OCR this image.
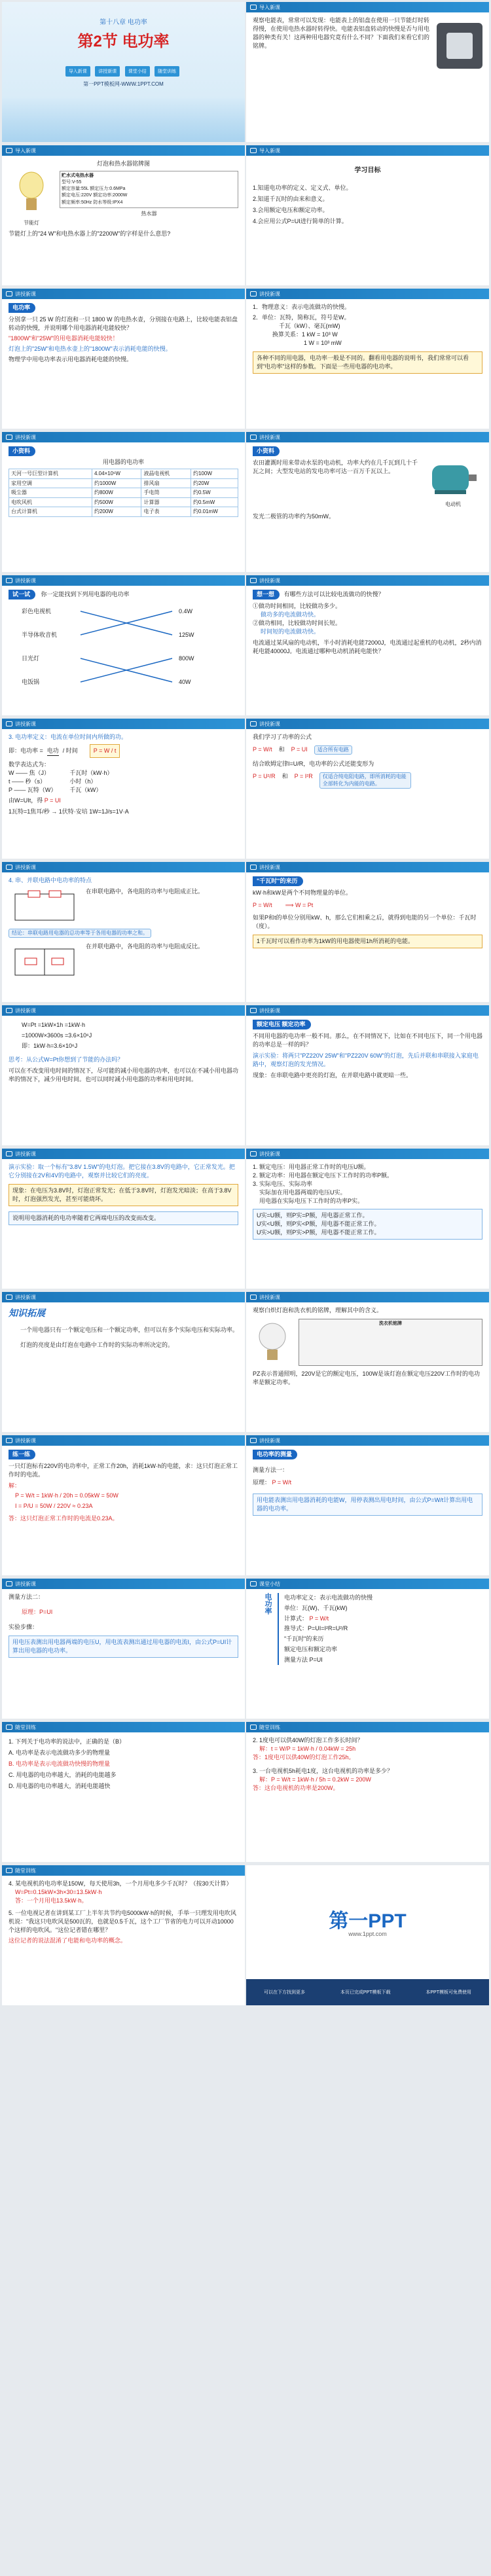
第十八章 电功率
第2节 电功率
导入新课 讲授新课 课堂小结 随堂训练
第一PPT模板网-WWW.1PPT.COM
导入新课
观察电能表，常常可以发现：电能表上的铝盘在使用一只节能灯时转得慢，在使用电热水器时转得快。电能表铝盘转动的快慢是否与用电器的种类有关！这两种用电器究竟有什么不同？下面我们来看它们的铭牌。
导入新课
灯泡和热水器铭牌图
节能灯
贮水式电热水器
型号:V-55
额定容量:55L 额定压力:0.6MPa
额定电压:220V 额定功率:2000W
额定频率:50Hz 防水等级:IPX4
热水器
节能灯上的"24 W"和电热水器上的"2200W"的字样是什么意思?
导入新课
学习目标
1.知道电功率的定义、定义式、单位。
2.知道千瓦时的由来和意义。
3.会用额定电压和额定功率。
4.会应用公式P=UI进行简单的计算。
讲授新课
电功率
分别拿一只 25 W 的灯泡和一只 1800 W 的电热水壶，分别接在电路上，比较电能表铝盘转动的快慢，并说明哪个用电器消耗电能较快？
"1800W"和"25W"的用电器消耗电能较快！
灯泡上的"25W"和电热水壶上的"1800W"表示消耗电能的快慢。
物理学中用电功率表示用电器消耗电能的快慢。
讲授新课
1．物理意义：表示电流做功的快慢。
2．单位：瓦特，简称瓦，符号是W。
千瓦（kW）、毫瓦(mW)
换算关系：1 kW = 10³ W
1 W = 10³ mW
各种不同的用电器，电功率一般是不同的。翻看用电器的说明书，我们常常可以看到"电功率"这样的参数。下面是一些用电器的电功率。
讲授新课
小资料
用电器的电功率
天河一号巨型计算机	4.04×10⁶W	液晶电视机	约100W
家用空调	约1000W	排风扇	约20W
吸尘器	约800W	手电筒	约0.5W
电吹风机	约500W	计算器	约0.5mW
台式计算机	约200W	电子表	约0.01mW
讲授新课
小资料
农田灌溉时用来带动水泵的电动机，功率大约在几千瓦到几十千瓦之间；大型发电站的发电功率可达一百万千瓦以上。
电动机
发光二极管的功率约为50mW。
讲授新课
试一试 你一定能找到下列用电器的电功率
彩色电视机
半导体收音机
日光灯
电饭锅
0.4W
125W
800W
40W
讲授新课
想一想 有哪些方法可以比较电流做功的快慢？
①做功时间相同，比较做功多少。
做功多的电流做功快。
②做功相同，比较做功时间长短。
时间短的电流做功快。
电流通过某风扇的电动机，半小时消耗电能72000J，电流通过起重机的电动机，2秒内消耗电能40000J。电流通过哪种电动机消耗电能快？
讲授新课
3. 电功率定义：电流在单位时间内所做的功。
即：电功率 = 电功 / 时间	P = W / t
数学表达式为：
W —— 焦（J）
t —— 秒（s）
P —— 瓦特（W）
千瓦时（kW·h）
小时（h）
千瓦（kW）
由W=UIt，得 P = UI
1瓦特=1焦耳/秒 → 1伏特·安培 1W=1J/s=1V·A
讲授新课
我们学习了功率的公式
P = W/t 和 P = UI	适合所有电路
结合欧姆定律I=U/R，电功率的公式还能变形为
P = U²/R 和 P = I²R	仅适合纯电阻电路，即所消耗的电能全部转化为内能的电路。
讲授新课
4. 串、并联电路中电功率的特点
在串联电路中，各电阻的功率与电阻成正比。
结论：串联电路用电器的总功率等于各用电器的功率之和。
在并联电路中，各电阻的功率与电阻成反比。
讲授新课
"千瓦时"的来历
kW·h和kW是两个不同物理量的单位。
P = W/t ⟹ W = Pt
如果P和t的单位分别用kW、h，那么它们相乘之后，就得到电能的另一个单位：千瓦时（度）。
1千瓦时可以看作功率为1kW的用电器使用1h所消耗的电能。
讲授新课
W=Pt =1kW×1h =1kW·h
=1000W×3600s =3.6×10⁶J
即：1kW·h=3.6×10⁶J
思考：从公式W=Pt你想到了节能的办法吗？
可以在不改变用电时间的情况下，尽可能的减小用电器的功率，也可以在不减小用电器功率的情况下，减少用电时间。也可以同时减小用电器的功率和用电时间。
讲授新课
额定电压 额定功率
不同用电器的电功率一般不同。那么，在不同情况下，比如在不同电压下，同一个用电器的功率总是一样的吗？
演示实验：将两只"PZ220V 25W"和"PZ220V 60W"的灯泡，先后并联和串联接入家庭电路中，观察灯泡的发光情况。
现象：在串联电路中更亮的灯泡，在并联电路中就更暗一些。
讲授新课
演示实验：取一个标有"3.8V 1.5W"的电灯泡。把它接在3.8V的电路中，它正常发光。把它分别接在2V和4V的电路中，观察并比较它们的亮度。
现象：在电压为3.8V时，灯泡正常发光；在低于3.8V时，灯泡发光暗淡；在高于3.8V时，灯泡强烈发光，甚至可能烧坏。
说明用电器消耗的电功率随着它两端电压的改变而改变。
讲授新课
1. 额定电压：用电器正常工作时的电压U额。
2. 额定功率：用电器在额定电压下工作时的功率P额。
3. 实际电压、实际功率
实际加在用电器两端的电压U实。
用电器在实际电压下工作时的功率P实。
U实=U额，则P实=P额，用电器正常工作。
U实<U额，则P实<P额，用电器不能正常工作。
U实>U额，则P实>P额，用电器不能正常工作。
讲授新课
知识拓展
一个用电器只有一个额定电压和一个额定功率，但可以有多个实际电压和实际功率。
灯泡的亮度是由灯泡在电路中工作时的实际功率所决定的。
讲授新课
观察白炽灯泡和洗衣机的铭牌，理解其中的含义。
洗衣机铭牌
PZ表示普通照明，220V是它的额定电压，100W是该灯泡在额定电压220V工作时的电功率是额定功率。
讲授新课
练一练
一只灯泡标有220V的电功率中，正常工作20h，消耗1kW·h的电能，求：这只灯泡正常工作时的电流。
解：
P = W/t = 1kW·h / 20h = 0.05kW = 50W
I = P/U = 50W / 220V ≈ 0.23A
答：这只灯泡正常工作时的电流是0.23A。
讲授新课
电功率的测量
测量方法一：
原理： P = W/t
用电能表测出用电器消耗的电能W，用停表测出用电时间，由公式P=W/t计算出用电器的电功率。
讲授新课
测量方法二：
原理：P=UI
实验步骤：
用电压表测出用电器两端的电压U，用电流表测出通过用电器的电流I，由公式P=UI计算出用电器的电功率。
课堂小结
电功率 电功率定义：表示电流做功的快慢
单位：瓦(W)、千瓦(kW)
计算式： P = W/t
推导式：P=UI=I²R=U²/R
"千瓦时"的来历
额定电压和额定功率
测量方法 P=UI
随堂训练
1. 下列关于电功率的说法中，正确的是（B）
A. 电功率是表示电流做功多少的物理量
B. 电功率是表示电流做功快慢的物理量
C. 用电器的电功率越大，消耗的电能越多
D. 用电器的电功率越大，消耗电能越快
随堂训练
2. 1度电可以供40W的灯泡工作多长时间？
解：t = W/P = 1kW·h / 0.04kW = 25h
答：1度电可以供40W的灯泡工作25h。
3. 一台电视机5h耗电1度，这台电视机的功率是多少？
解：P = W/t = 1kW·h / 5h = 0.2kW = 200W
答：这台电视机的功率是200W。
随堂训练
4. 某电视机的电功率是150W，每天使用3h，一个月用电多少千瓦时？（按30天计算）
W=Pt=0.15kW×3h×30=13.5kW·h
答：一个月用电13.5kW·h。
5. 一位电视记者在讲到某工厂上半年共节约电5000kW·h的时候，手举一只理发用电吹风机说："我这只电吹风是500瓦的，也就是0.5千瓦，这个工厂节省的电力可以开动10000个这样的电吹风。"这位记者错在哪里？
这位记者的说法混淆了电能和电功率的概念。
第一PPT
www.1ppt.com
可以在下方找到更多	本页已完成PPT模板下载	本PPT模板可免费使用
